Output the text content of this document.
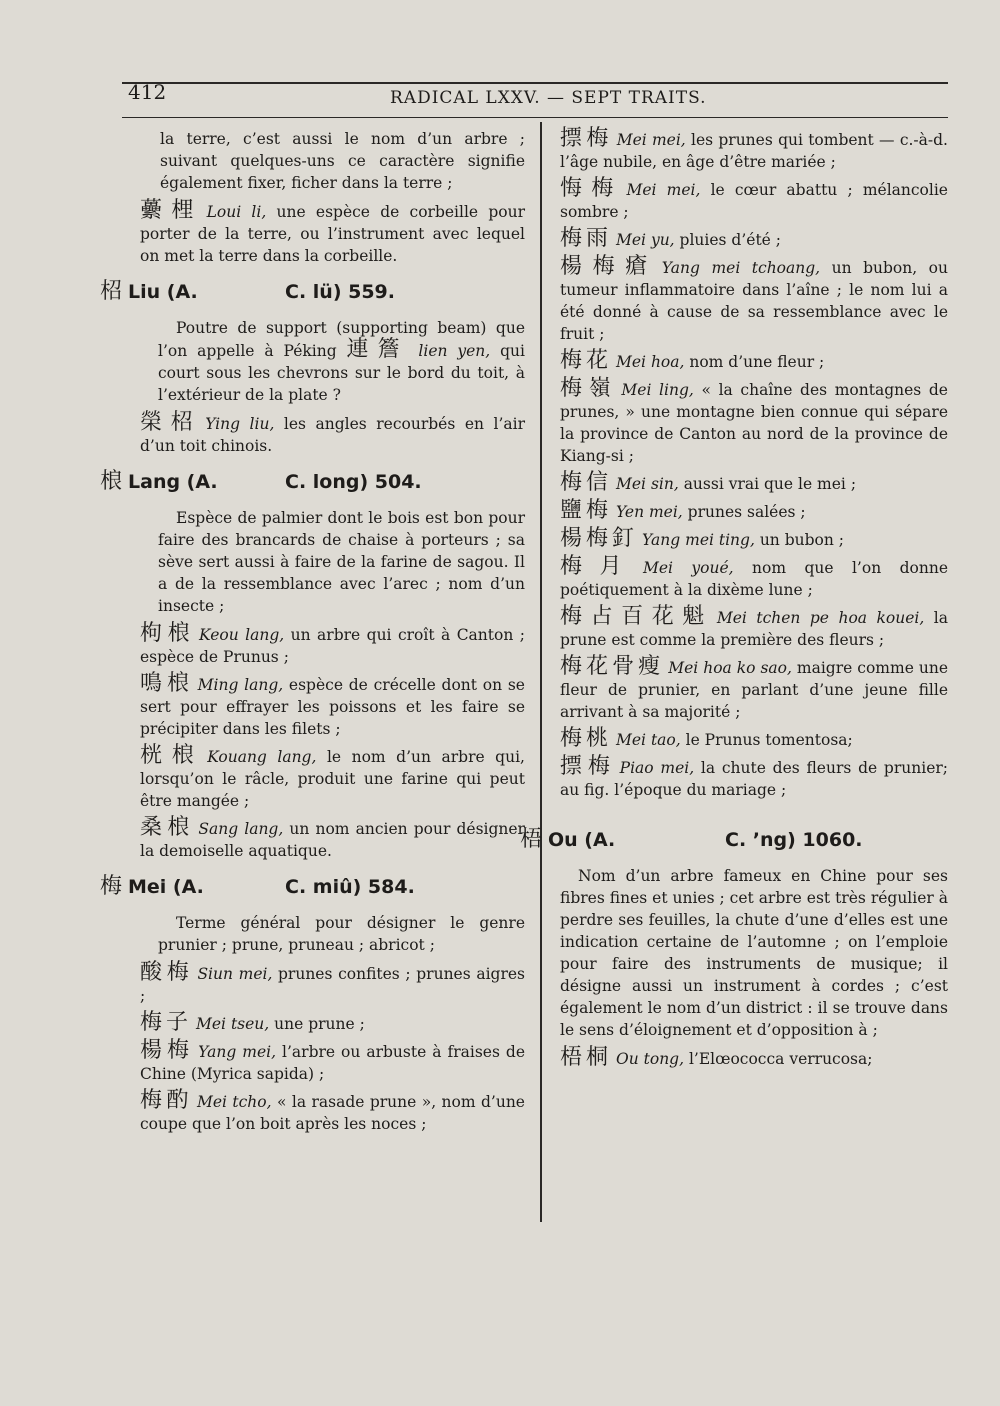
412	RADICAL LXXV. — SEPT TRAITS.

la terre, c’est aussi le nom d’un arbre ; suivant quelques-uns ce caractère signifie également fixer, ficher dans la terre ;

虆梩 Loui li, une espèce de corbeille pour porter de la terre, ou l’instrument avec lequel on met la terre dans la corbeille.

柖 Liu (A.	C. lü) 559.

Poutre de support (supporting beam) que l’on appelle à Péking 連簷 lien yen, qui court sous les chevrons sur le bord du toit, à l’extérieur de la plate ?

榮柖 Ying liu, les angles recourbés en l’air d’un toit chinois.

桹 Lang (A.	C. long) 504.

Espèce de palmier dont le bois est bon pour faire des brancards de chaise à porteurs ; sa sève sert aussi à faire de la farine de sagou. Il a de la ressemblance avec l’arec ; nom d’un insecte ;

枸桹 Keou lang, un arbre qui croît à Canton ; espèce de Prunus ;

鳴桹 Ming lang, espèce de crécelle dont on se sert pour effrayer les poissons et les faire se précipiter dans les filets ;

桄桹 Kouang lang, le nom d’un arbre qui, lorsqu’on le râcle, produit une farine qui peut être mangée ;

桑桹 Sang lang, un nom ancien pour désigner la demoiselle aquatique.

梅 Mei (A.	C. miû) 584.

Terme général pour désigner le genre prunier ; prune, pruneau ; abricot ;

酸梅 Siun mei, prunes confites ; prunes aigres ;

梅子 Mei tseu, une prune ;

楊梅 Yang mei, l’arbre ou arbuste à fraises de Chine (Myrica sapida) ;

梅酌 Mei tcho, « la rasade prune », nom d’une coupe que l’on boit après les noces ;

摽梅 Mei mei, les prunes qui tombent — c.-à-d. l’âge nubile, en âge d’être mariée ;

悔梅 Mei mei, le cœur abattu ; mélancolie sombre ;

梅雨 Mei yu, pluies d’été ;

楊梅瘡 Yang mei tchoang, un bubon, ou tumeur inflammatoire dans l’aîne ; le nom lui a été donné à cause de sa ressemblance avec le fruit ;

梅花 Mei hoa, nom d’une fleur ;

梅嶺 Mei ling, « la chaîne des montagnes de prunes, » une montagne bien connue qui sépare la province de Canton au nord de la province de Kiang-si ;

梅信 Mei sin, aussi vrai que le mei ;

鹽梅 Yen mei, prunes salées ;

楊梅釘 Yang mei ting, un bubon ;

梅月 Mei youé, nom que l’on donne poétiquement à la dixème lune ;

梅占百花魁 Mei tchen pe hoa kouei, la prune est comme la première des fleurs ;

梅花骨瘦 Mei hoa ko sao, maigre comme une fleur de prunier, en parlant d’une jeune fille arrivant à sa majorité ;

梅桃 Mei tao, le Prunus tomentosa;

摽梅 Piao mei, la chute des fleurs de prunier; au fig. l’époque du mariage ;

梧 Ou (A.	C. ’ng) 1060.

Nom d’un arbre fameux en Chine pour ses fibres fines et unies ; cet arbre est très régulier à perdre ses feuilles, la chute d’une d’elles est une indication certaine de l’automne ; on l’emploie pour faire des instruments de musique; il désigne aussi un instrument à cordes ; c’est également le nom d’un district : il se trouve dans le sens d’éloignement et d’opposition à ;

梧桐 Ou tong, l’Elœococca verrucosa;
